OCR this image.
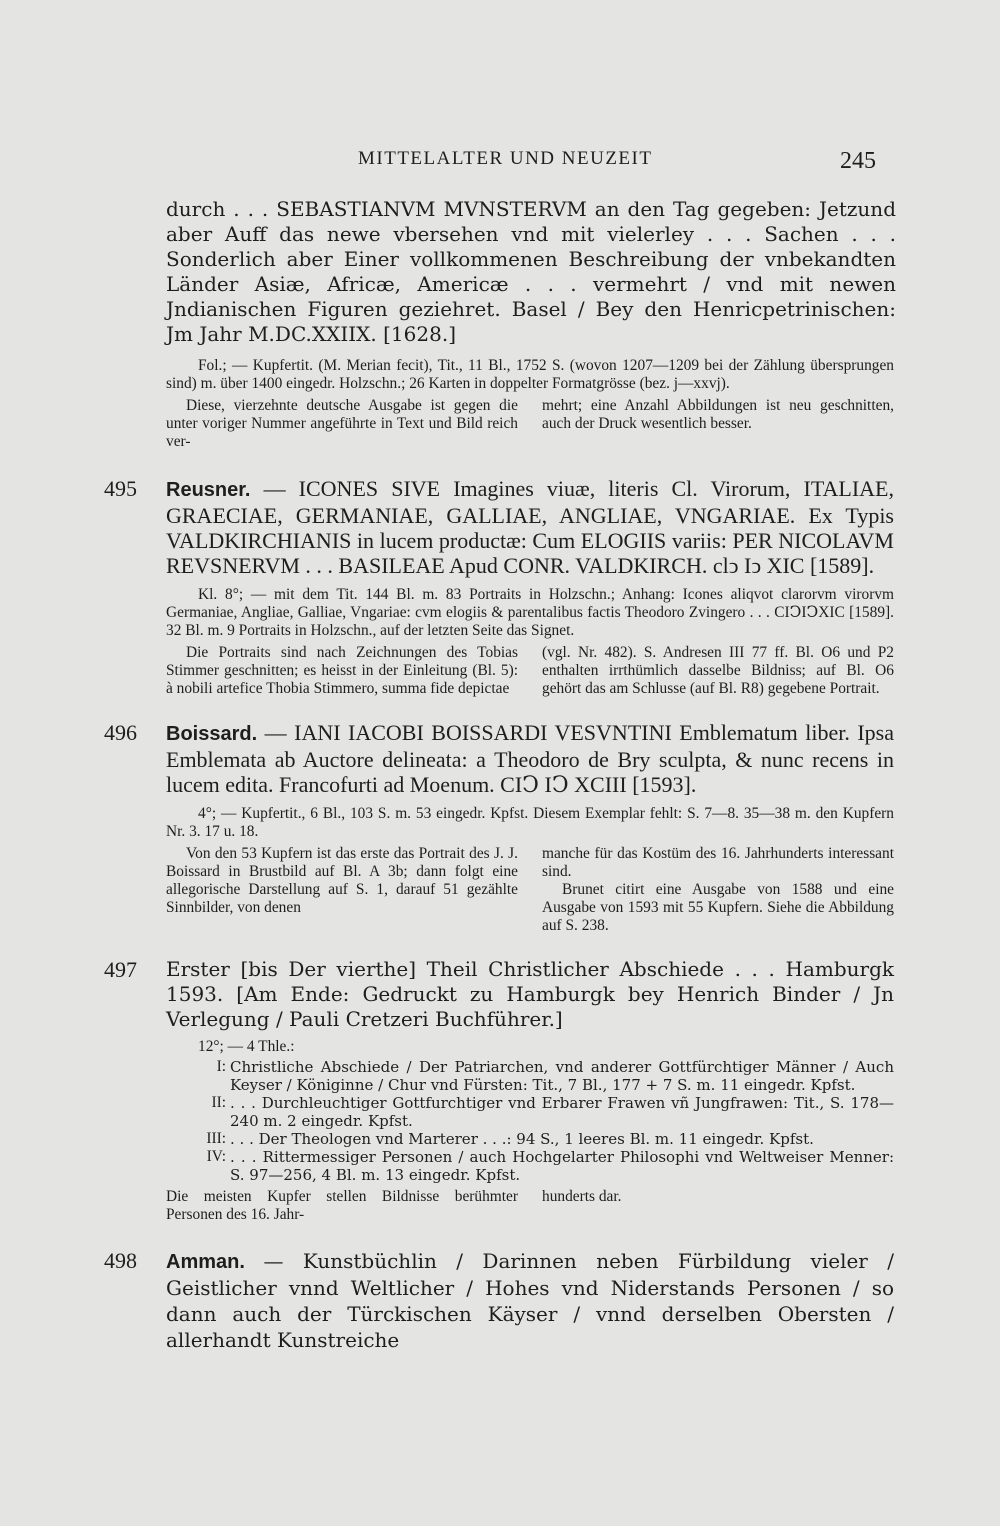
MITTELALTER UND NEUZEIT	245

durch . . . SEBASTIANVM MVNSTERVM an den Tag gegeben: Jetzund aber Auff das newe vbersehen vnd mit vielerley . . . Sachen . . . Sonderlich aber Einer vollkommenen Beschreibung der vnbekandten Länder Asiæ, Africæ, Americæ . . . vermehrt / vnd mit newen Jndianischen Figuren geziehret. Basel / Bey den Henricpetrinischen: Jm Jahr M.DC.XXIIX. [1628.]

Fol.; — Kupfertit. (M. Merian fecit), Tit., 11 Bl., 1752 S. (wovon 1207—1209 bei der Zählung übersprungen sind) m. über 1400 eingedr. Holzschn.; 26 Karten in doppelter Formatgrösse (bez. j—xxvj).

Diese, vierzehnte deutsche Ausgabe ist gegen die unter voriger Nummer angeführte in Text und Bild reich ver-

mehrt; eine Anzahl Abbildungen ist neu geschnitten, auch der Druck wesentlich besser.

495 Reusner. — ICONES SIVE Imagines viuæ, literis Cl. Virorum, ITALIAE, GRAECIAE, GERMANIAE, GALLIAE, ANGLIAE, VNGARIAE. Ex Typis VALDKIRCHIANIS in lucem productæ: Cum ELOGIIS variis: PER NICOLAVM REVSNERVM . . . BASILEAE Apud CONR. VALDKIRCH. clↄ Iↄ XIC [1589].

Kl. 8°; — mit dem Tit. 144 Bl. m. 83 Portraits in Holzschn.; Anhang: Icones aliqvot clarorvm virorvm Germaniae, Angliae, Galliae, Vngariae: cvm elogiis & parentalibus factis Theodoro Zvingero . . . CIↃIↃXIC [1589]. 32 Bl. m. 9 Portraits in Holzschn., auf der letzten Seite das Signet.

Die Portraits sind nach Zeichnungen des Tobias Stimmer geschnitten; es heisst in der Einleitung (Bl. 5): à nobili artefice Thobia Stimmero, summa fide depictae

(vgl. Nr. 482). S. Andresen III 77 ff. Bl. O6 und P2 enthalten irrthümlich dasselbe Bildniss; auf Bl. O6 gehört das am Schlusse (auf Bl. R8) gegebene Portrait.

496 Boissard. — IANI IACOBI BOISSARDI VESVNTINI Emblematum liber. Ipsa Emblemata ab Auctore delineata: a Theodoro de Bry sculpta, & nunc recens in lucem edita. Francofurti ad Moenum. CIↃ IↃ XCIII [1593].

4°; — Kupfertit., 6 Bl., 103 S. m. 53 eingedr. Kpfst. Diesem Exemplar fehlt: S. 7—8. 35—38 m. den Kupfern Nr. 3. 17 u. 18.

Von den 53 Kupfern ist das erste das Portrait des J. J. Boissard in Brustbild auf Bl. A 3b; dann folgt eine allegorische Darstellung auf S. 1, darauf 51 gezählte Sinnbilder, von denen

manche für das Kostüm des 16. Jahrhunderts interessant sind.

Brunet citirt eine Ausgabe von 1588 und eine Ausgabe von 1593 mit 55 Kupfern. Siehe die Abbildung auf S. 238.

497 Erster [bis Der vierthe] Theil Christlicher Abschiede . . . Hamburgk 1593. [Am Ende: Gedruckt zu Hamburgk bey Henrich Binder / Jn Verlegung / Pauli Cretzeri Buchführer.]

12°; — 4 Thle.:

I: Christliche Abschiede / Der Patriarchen, vnd anderer Gottfürchtiger Männer / Auch Keyser / Königinne / Chur vnd Fürsten: Tit., 7 Bl., 177 + 7 S. m. 11 eingedr. Kpfst.
II: . . . Durchleuchtiger Gottfurchtiger vnd Erbarer Frawen vñ Jungfrawen: Tit., S. 178—240 m. 2 eingedr. Kpfst.
III: . . . Der Theologen vnd Marterer . . .: 94 S., 1 leeres Bl. m. 11 eingedr. Kpfst.
IV: . . . Rittermessiger Personen / auch Hochgelarter Philosophi vnd Weltweiser Menner: S. 97—256, 4 Bl. m. 13 eingedr. Kpfst.

Die meisten Kupfer stellen Bildnisse berühmter Personen des 16. Jahr-

hunderts dar.

498 Amman. — Kunstbüchlin / Darinnen neben Fürbildung vieler / Geistlicher vnnd Weltlicher / Hohes vnd Niderstands Personen / so dann auch der Türckischen Käyser / vnnd derselben Obersten / allerhandt Kunstreiche
